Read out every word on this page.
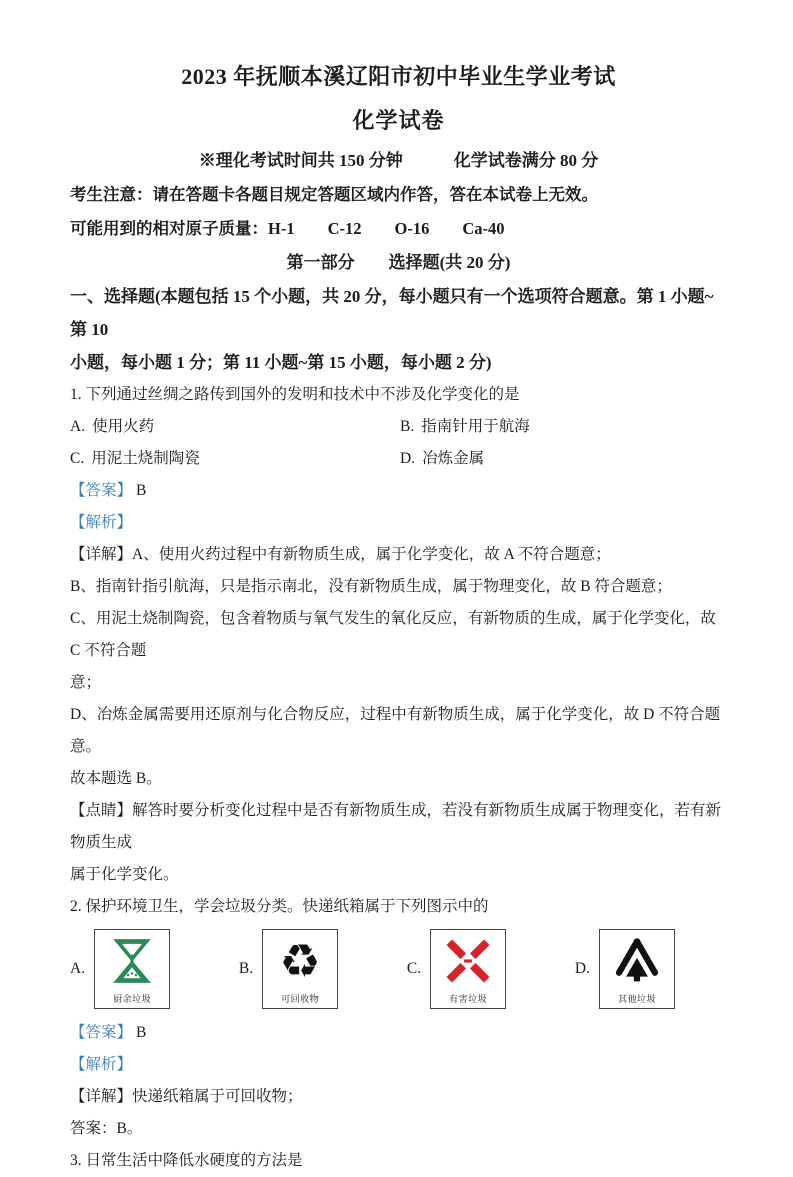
2023 年抚顺本溪辽阳市初中毕业生学业考试
化学试卷

※理化考试时间共 150 分钟　　　化学试卷满分 80 分

考生注意：请在答题卡各题目规定答题区域内作答，答在本试卷上无效。

可能用到的相对原子质量：H-1　　C-12　　O-16　　Ca-40

第一部分　　选择题(共 20 分)

一、选择题(本题包括 15 个小题，共 20 分，每小题只有一个选项符合题意。第 1 小题~第 10

小题，每小题 1 分；第 11 小题~第 15 小题，每小题 2 分)

1. 下列通过丝绸之路传到国外的发明和技术中不涉及化学变化的是

A. 使用火药	B. 指南针用于航海
C. 用泥土烧制陶瓷	D. 冶炼金属

【答案】 B

【解析】

【详解】A、使用火药过程中有新物质生成，属于化学变化，故 A 不符合题意；

B、指南针指引航海，只是指示南北，没有新物质生成，属于物理变化，故 B 符合题意；

C、用泥土烧制陶瓷，包含着物质与氧气发生的氧化反应，有新物质的生成，属于化学变化，故 C 不符合题

意；

D、冶炼金属需要用还原剂与化合物反应，过程中有新物质生成，属于化学变化，故 D 不符合题意。

故本题选 B。

【点睛】解答时要分析变化过程中是否有新物质生成，若没有新物质生成属于物理变化，若有新物质生成

属于化学变化。

2. 保护环境卫生，学会垃圾分类。快递纸箱属于下列图示中的

A.
厨余垃圾
B. ♻
可回收物
C.
有害垃圾
D.
其他垃圾

【答案】 B

【解析】

【详解】快递纸箱属于可回收物；

答案：B。

3. 日常生活中降低水硬度的方法是
